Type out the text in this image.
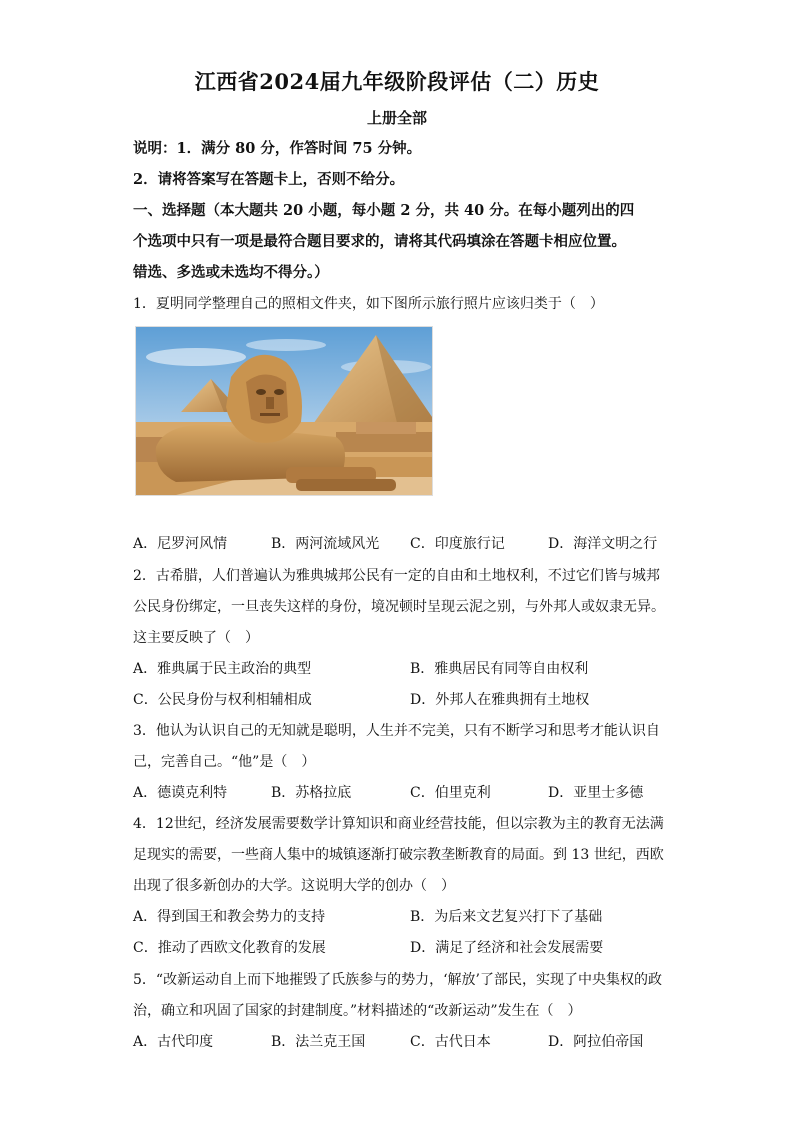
江西省2024届九年级阶段评估（二）历史
上册全部
说明：1．满分 80 分，作答时间 75 分钟。
2．请将答案写在答题卡上，否则不给分。
一、选择题（本大题共 20 小题，每小题 2 分，共 40 分。在每小题列出的四
个选项中只有一项是最符合题目要求的，请将其代码填涂在答题卡相应位置。
错选、多选或未选均不得分。）
1．夏明同学整理自己的照相文件夹，如下图所示旅行照片应该归类于（　）
A．尼罗河风情	B．两河流域风光 C．印度旅行记	D．海洋文明之行
2．古希腊，人们普遍认为雅典城邦公民有一定的自由和土地权利，不过它们皆与城邦
公民身份绑定，一旦丧失这样的身份，境况顿时呈现云泥之别，与外邦人或奴隶无异。
这主要反映了（　）
A．雅典属于民主政治的典型	B．雅典居民有同等自由权利
C．公民身份与权利相辅相成	D．外邦人在雅典拥有土地权
3．他认为认识自己的无知就是聪明，人生并不完美，只有不断学习和思考才能认识自
己，完善自己。“他”是（　）
A．德谟克利特	B．苏格拉底	C．伯里克利	D．亚里士多德
4．12世纪，经济发展需要数学计算知识和商业经营技能，但以宗教为主的教育无法满
足现实的需要，一些商人集中的城镇逐渐打破宗教垄断教育的局面。到 13 世纪，西欧
出现了很多新创办的大学。这说明大学的创办（　）
A．得到国王和教会势力的支持	B．为后来文艺复兴打下了基础
C．推动了西欧文化教育的发展	D．满足了经济和社会发展需要
5．“改新运动自上而下地摧毁了氏族参与的势力，‘解放’了部民，实现了中央集权的政
治，确立和巩固了国家的封建制度。”材料描述的“改新运动”发生在（　）
A．古代印度	B．法兰克王国	C．古代日本	D．阿拉伯帝国
